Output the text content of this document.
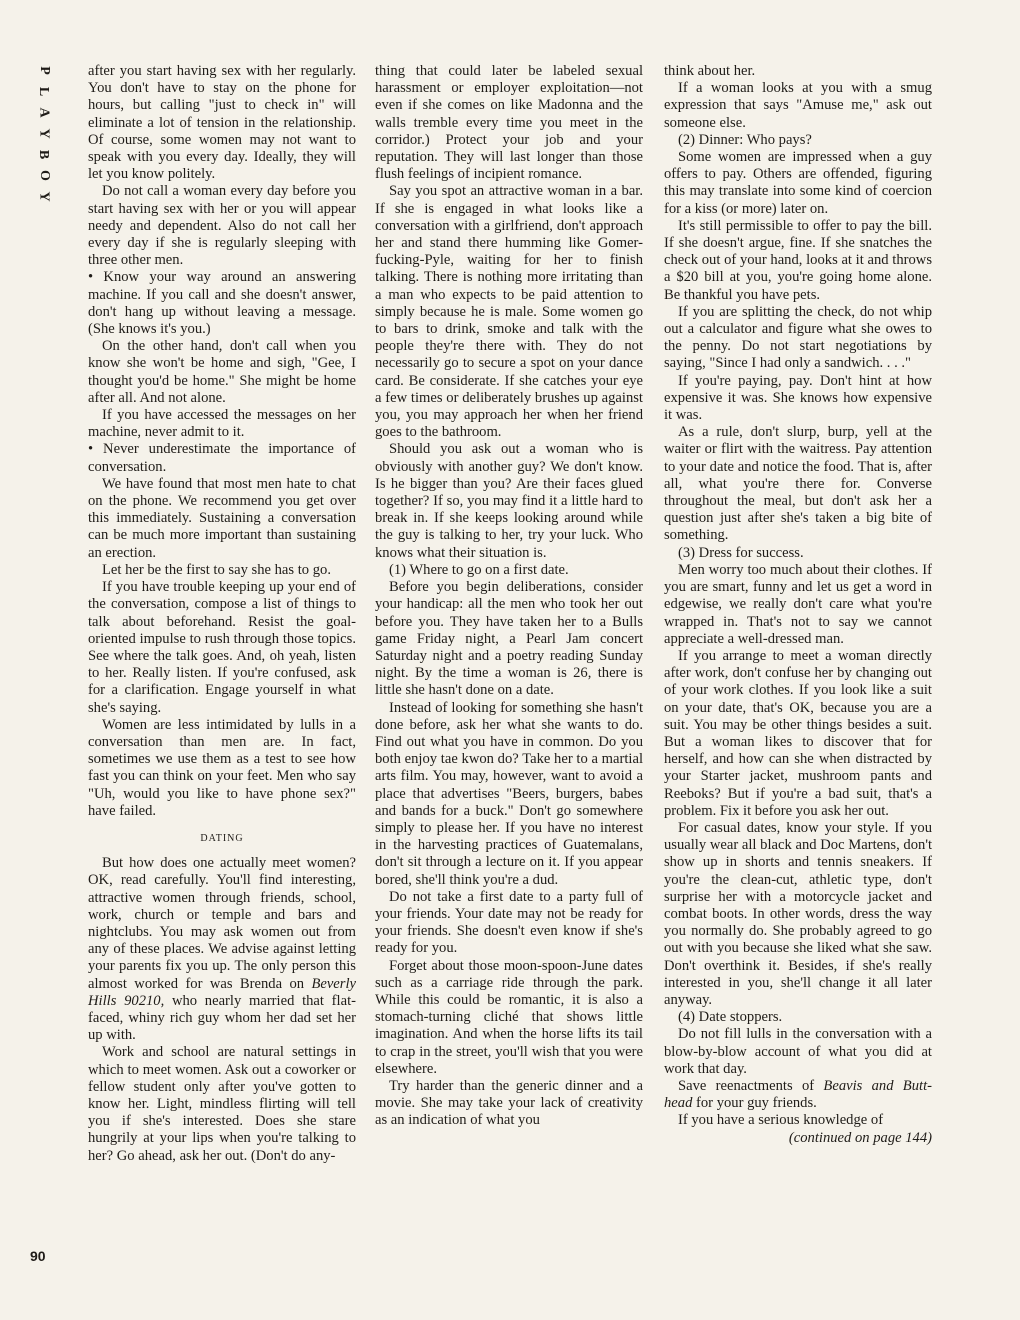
P
L
A
Y
B
O
Y
90

after you start having sex with her regularly. You don't have to stay on the phone for hours, but calling "just to check in" will eliminate a lot of tension in the relationship. Of course, some women may not want to speak with you every day. Ideally, they will let you know politely.

Do not call a woman every day before you start having sex with her or you will appear needy and dependent. Also do not call her every day if she is regularly sleeping with three other men.

• Know your way around an answering machine. If you call and she doesn't answer, don't hang up without leaving a message. (She knows it's you.)

On the other hand, don't call when you know she won't be home and sigh, "Gee, I thought you'd be home." She might be home after all. And not alone.

If you have accessed the messages on her machine, never admit to it.

• Never underestimate the importance of conversation.

We have found that most men hate to chat on the phone. We recommend you get over this immediately. Sustaining a conversation can be much more important than sustaining an erection.

Let her be the first to say she has to go.

If you have trouble keeping up your end of the conversation, compose a list of things to talk about beforehand. Resist the goal-oriented impulse to rush through those topics. See where the talk goes. And, oh yeah, listen to her. Really listen. If you're confused, ask for a clarification. Engage yourself in what she's saying.

Women are less intimidated by lulls in a conversation than men are. In fact, sometimes we use them as a test to see how fast you can think on your feet. Men who say "Uh, would you like to have phone sex?" have failed.

DATING

But how does one actually meet women? OK, read carefully. You'll find interesting, attractive women through friends, school, work, church or temple and bars and nightclubs. You may ask women out from any of these places. We advise against letting your parents fix you up. The only person this almost worked for was Brenda on Beverly Hills 90210, who nearly married that flat-faced, whiny rich guy whom her dad set her up with.

Work and school are natural settings in which to meet women. Ask out a coworker or fellow student only after you've gotten to know her. Light, mindless flirting will tell you if she's interested. Does she stare hungrily at your lips when you're talking to her? Go ahead, ask her out. (Don't do any-

thing that could later be labeled sexual harassment or employer exploitation—not even if she comes on like Madonna and the walls tremble every time you meet in the corridor.) Protect your job and your reputation. They will last longer than those flush feelings of incipient romance.

Say you spot an attractive woman in a bar. If she is engaged in what looks like a conversation with a girlfriend, don't approach her and stand there humming like Gomer-fucking-Pyle, waiting for her to finish talking. There is nothing more irritating than a man who expects to be paid attention to simply because he is male. Some women go to bars to drink, smoke and talk with the people they're there with. They do not necessarily go to secure a spot on your dance card. Be considerate. If she catches your eye a few times or deliberately brushes up against you, you may approach her when her friend goes to the bathroom.

Should you ask out a woman who is obviously with another guy? We don't know. Is he bigger than you? Are their faces glued together? If so, you may find it a little hard to break in. If she keeps looking around while the guy is talking to her, try your luck. Who knows what their situation is.

(1) Where to go on a first date.

Before you begin deliberations, consider your handicap: all the men who took her out before you. They have taken her to a Bulls game Friday night, a Pearl Jam concert Saturday night and a poetry reading Sunday night. By the time a woman is 26, there is little she hasn't done on a date.

Instead of looking for something she hasn't done before, ask her what she wants to do. Find out what you have in common. Do you both enjoy tae kwon do? Take her to a martial arts film. You may, however, want to avoid a place that advertises "Beers, burgers, babes and bands for a buck." Don't go somewhere simply to please her. If you have no interest in the harvesting practices of Guatemalans, don't sit through a lecture on it. If you appear bored, she'll think you're a dud.

Do not take a first date to a party full of your friends. Your date may not be ready for your friends. She doesn't even know if she's ready for you.

Forget about those moon-spoon-June dates such as a carriage ride through the park. While this could be romantic, it is also a stomach-turning cliché that shows little imagination. And when the horse lifts its tail to crap in the street, you'll wish that you were elsewhere.

Try harder than the generic dinner and a movie. She may take your lack of creativity as an indication of what you

think about her.

If a woman looks at you with a smug expression that says "Amuse me," ask out someone else.

(2) Dinner: Who pays?

Some women are impressed when a guy offers to pay. Others are offended, figuring this may translate into some kind of coercion for a kiss (or more) later on.

It's still permissible to offer to pay the bill. If she doesn't argue, fine. If she snatches the check out of your hand, looks at it and throws a $20 bill at you, you're going home alone. Be thankful you have pets.

If you are splitting the check, do not whip out a calculator and figure what she owes to the penny. Do not start negotiations by saying, "Since I had only a sandwich. . . ."

If you're paying, pay. Don't hint at how expensive it was. She knows how expensive it was.

As a rule, don't slurp, burp, yell at the waiter or flirt with the waitress. Pay attention to your date and notice the food. That is, after all, what you're there for. Converse throughout the meal, but don't ask her a question just after she's taken a big bite of something.

(3) Dress for success.

Men worry too much about their clothes. If you are smart, funny and let us get a word in edgewise, we really don't care what you're wrapped in. That's not to say we cannot appreciate a well-dressed man.

If you arrange to meet a woman directly after work, don't confuse her by changing out of your work clothes. If you look like a suit on your date, that's OK, because you are a suit. You may be other things besides a suit. But a woman likes to discover that for herself, and how can she when distracted by your Starter jacket, mushroom pants and Reeboks? But if you're a bad suit, that's a problem. Fix it before you ask her out.

For casual dates, know your style. If you usually wear all black and Doc Martens, don't show up in shorts and tennis sneakers. If you're the clean-cut, athletic type, don't surprise her with a motorcycle jacket and combat boots. In other words, dress the way you normally do. She probably agreed to go out with you because she liked what she saw. Don't overthink it. Besides, if she's really interested in you, she'll change it all later anyway.

(4) Date stoppers.

Do not fill lulls in the conversation with a blow-by-blow account of what you did at work that day.

Save reenactments of Beavis and Butt-head for your guy friends.

If you have a serious knowledge of

(continued on page 144)
